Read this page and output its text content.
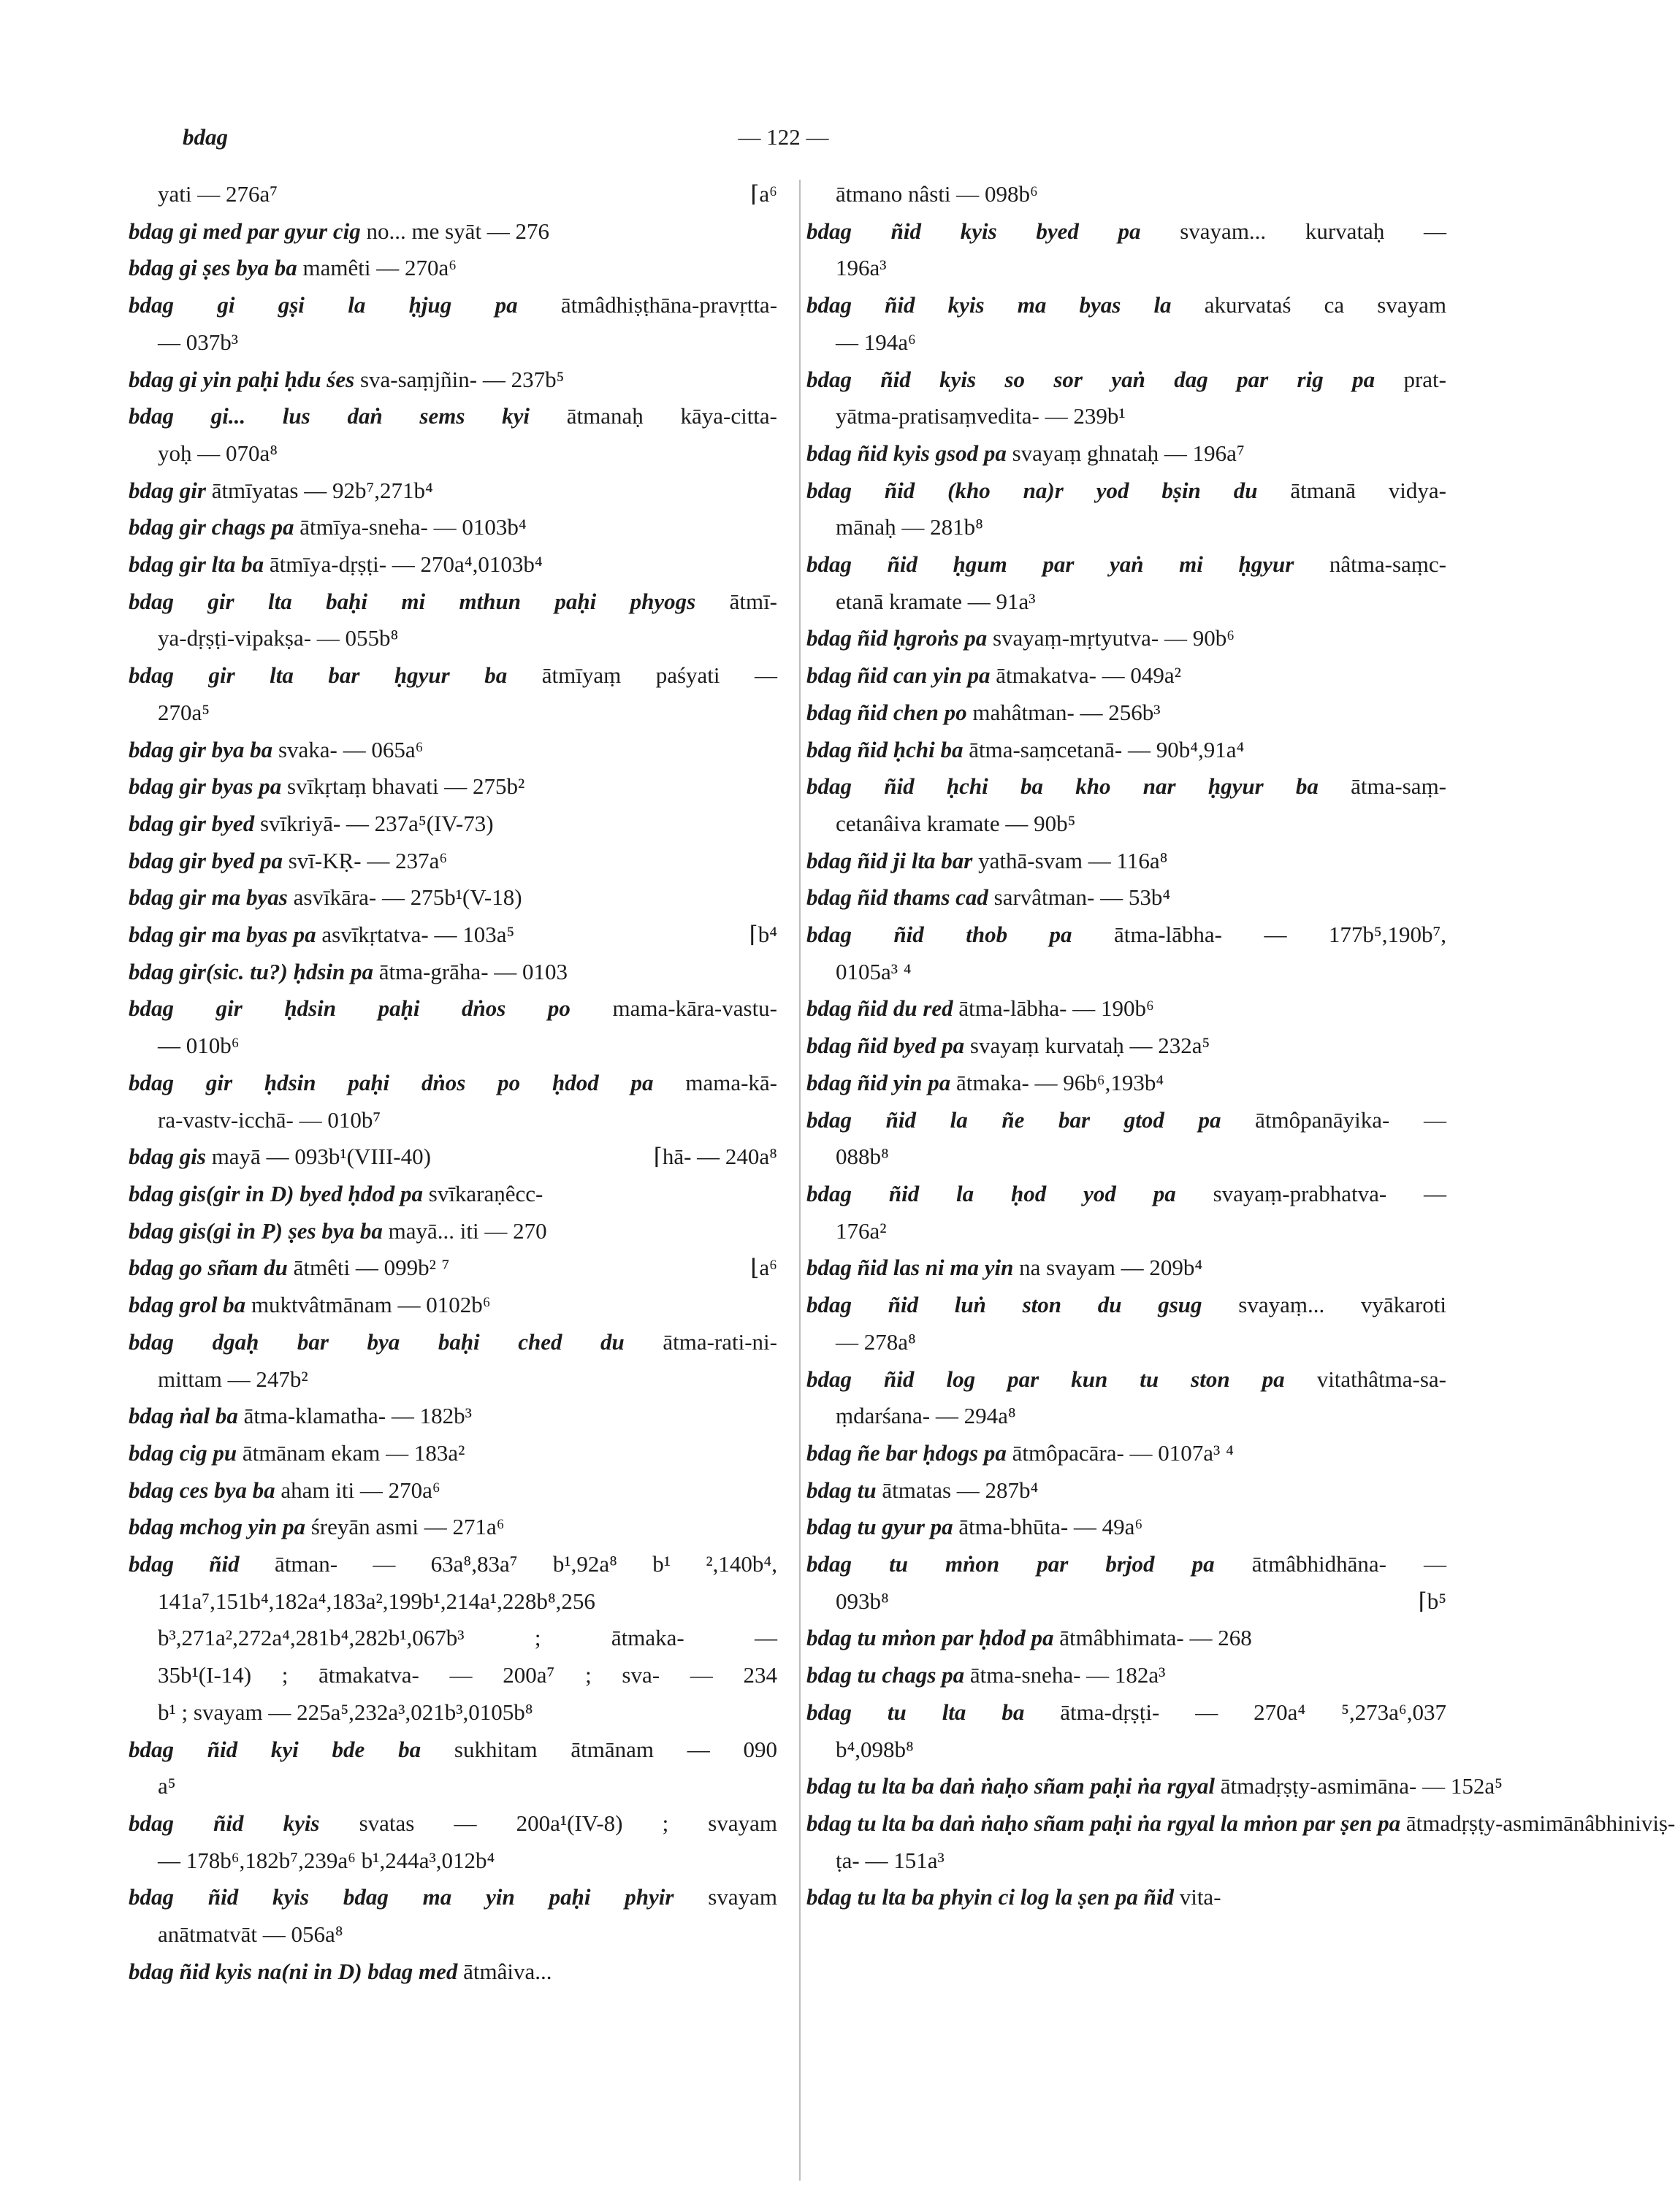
bdag	— 122 —
yati — 276a⁷	⌈a⁶
bdag gi med par gyur cig no... me syāt — 276
bdag gi ṣes bya ba mamêti — 270a⁶
bdag gi gṣi la ḥjug pa ātmâdhiṣṭhāna-pravṛtta-
— 037b³
bdag gi yin paḥi ḥdu śes sva-saṃjñin- — 237b⁵
bdag gi... lus daṅ sems kyi ātmanaḥ kāya-citta-
yoḥ — 070a⁸
bdag gir ātmīyatas — 92b⁷,271b⁴
bdag gir chags pa ātmīya-sneha- — 0103b⁴
bdag gir lta ba ātmīya-dṛṣṭi- — 270a⁴,0103b⁴
bdag gir lta baḥi mi mthun paḥi phyogs ātmī-
ya-dṛṣṭi-vipakṣa- — 055b⁸
bdag gir lta bar ḥgyur ba ātmīyaṃ paśyati —
270a⁵
bdag gir bya ba svaka- — 065a⁶
bdag gir byas pa svīkṛtaṃ bhavati — 275b²
bdag gir byed svīkriyā- — 237a⁵(IV-73)
bdag gir byed pa svī-KṚ- — 237a⁶
bdag gir ma byas asvīkāra- — 275b¹(V-18)
bdag gir ma byas pa asvīkṛtatva- — 103a⁵	⌈b⁴
bdag gir(sic. tu?) ḥdsin pa ātma-grāha- — 0103
bdag gir ḥdsin paḥi dṅos po mama-kāra-vastu-
— 010b⁶
bdag gir ḥdsin paḥi dṅos po ḥdod pa mama-kā-
ra-vastv-icchā- — 010b⁷
bdag gis mayā — 093b¹(VIII-40)	⌈hā- — 240a⁸
bdag gis(gir in D) byed ḥdod pa svīkaraṇêcc-
bdag gis(gi in P) ṣes bya ba mayā... iti — 270
bdag go sñam du ātmêti — 099b² ⁷	⌊a⁶
bdag grol ba muktvâtmānam — 0102b⁶
bdag dgaḥ bar bya baḥi ched du ātma-rati-ni-
mittam — 247b²
bdag ṅal ba ātma-klamatha- — 182b³
bdag cig pu ātmānam ekam — 183a²
bdag ces bya ba aham iti — 270a⁶
bdag mchog yin pa śreyān asmi — 271a⁶
bdag ñid ātman- — 63a⁸,83a⁷ b¹,92a⁸ b¹ ²,140b⁴,
141a⁷,151b⁴,182a⁴,183a²,199b¹,214a¹,228b⁸,256
b³,271a²,272a⁴,281b⁴,282b¹,067b³ ; ātmaka- —
35b¹(I-14) ; ātmakatva- — 200a⁷ ; sva- — 234
b¹ ; svayam — 225a⁵,232a³,021b³,0105b⁸
bdag ñid kyi bde ba sukhitam ātmānam — 090
a⁵
bdag ñid kyis svatas — 200a¹(IV-8) ; svayam
— 178b⁶,182b⁷,239a⁶ b¹,244a³,012b⁴
bdag ñid kyis bdag ma yin paḥi phyir svayam
anātmatvāt — 056a⁸
bdag ñid kyis na(ni in D) bdag med ātmâiva...
ātmano nâsti — 098b⁶
bdag ñid kyis byed pa svayam... kurvataḥ —
196a³
bdag ñid kyis ma byas la akurvataś ca svayam
— 194a⁶
bdag ñid kyis so sor yaṅ dag par rig pa prat-
yātma-pratisaṃvedita- — 239b¹
bdag ñid kyis gsod pa svayaṃ ghnataḥ — 196a⁷
bdag ñid (kho na)r yod bṣin du ātmanā vidya-
mānaḥ — 281b⁸
bdag ñid ḥgum par yaṅ mi ḥgyur nâtma-saṃc-
etanā kramate — 91a³
bdag ñid ḥgroṅs pa svayaṃ-mṛtyutva- — 90b⁶
bdag ñid can yin pa ātmakatva- — 049a²
bdag ñid chen po mahâtman- — 256b³
bdag ñid ḥchi ba ātma-saṃcetanā- — 90b⁴,91a⁴
bdag ñid ḥchi ba kho nar ḥgyur ba ātma-saṃ-
cetanâiva kramate — 90b⁵
bdag ñid ji lta bar yathā-svam — 116a⁸
bdag ñid thams cad sarvâtman- — 53b⁴
bdag ñid thob pa ātma-lābha- — 177b⁵,190b⁷,
0105a³ ⁴
bdag ñid du red ātma-lābha- — 190b⁶
bdag ñid byed pa svayaṃ kurvataḥ — 232a⁵
bdag ñid yin pa ātmaka- — 96b⁶,193b⁴
bdag ñid la ñe bar gtod pa ātmôpanāyika- —
088b⁸
bdag ñid la ḥod yod pa svayaṃ-prabhatva- —
176a²
bdag ñid las ni ma yin na svayam — 209b⁴
bdag ñid luṅ ston du gsug svayaṃ... vyākaroti
— 278a⁸
bdag ñid log par kun tu ston pa vitathâtma-sa-
ṃdarśana- — 294a⁸
bdag ñe bar ḥdogs pa ātmôpacāra- — 0107a³ ⁴
bdag tu ātmatas — 287b⁴
bdag tu gyur pa ātma-bhūta- — 49a⁶
bdag tu mṅon par brjod pa ātmâbhidhāna- —
093b⁸	⌈b⁵
bdag tu mṅon par ḥdod pa ātmâbhimata- — 268
bdag tu chags pa ātma-sneha- — 182a³
bdag tu lta ba ātma-dṛṣṭi- — 270a⁴ ⁵,273a⁶,037
b⁴,098b⁸
bdag tu lta ba daṅ ṅaḥo sñam paḥi ṅa rgyal ātmadṛṣṭy-asmimāna- — 152a⁵
bdag tu lta ba daṅ ṅaḥo sñam paḥi ṅa rgyal la mṅon par ṣen pa ātmadṛṣṭy-asmimānâbhiniviṣ-
ṭa- — 151a³
bdag tu lta ba phyin ci log la ṣen pa ñid vita-
